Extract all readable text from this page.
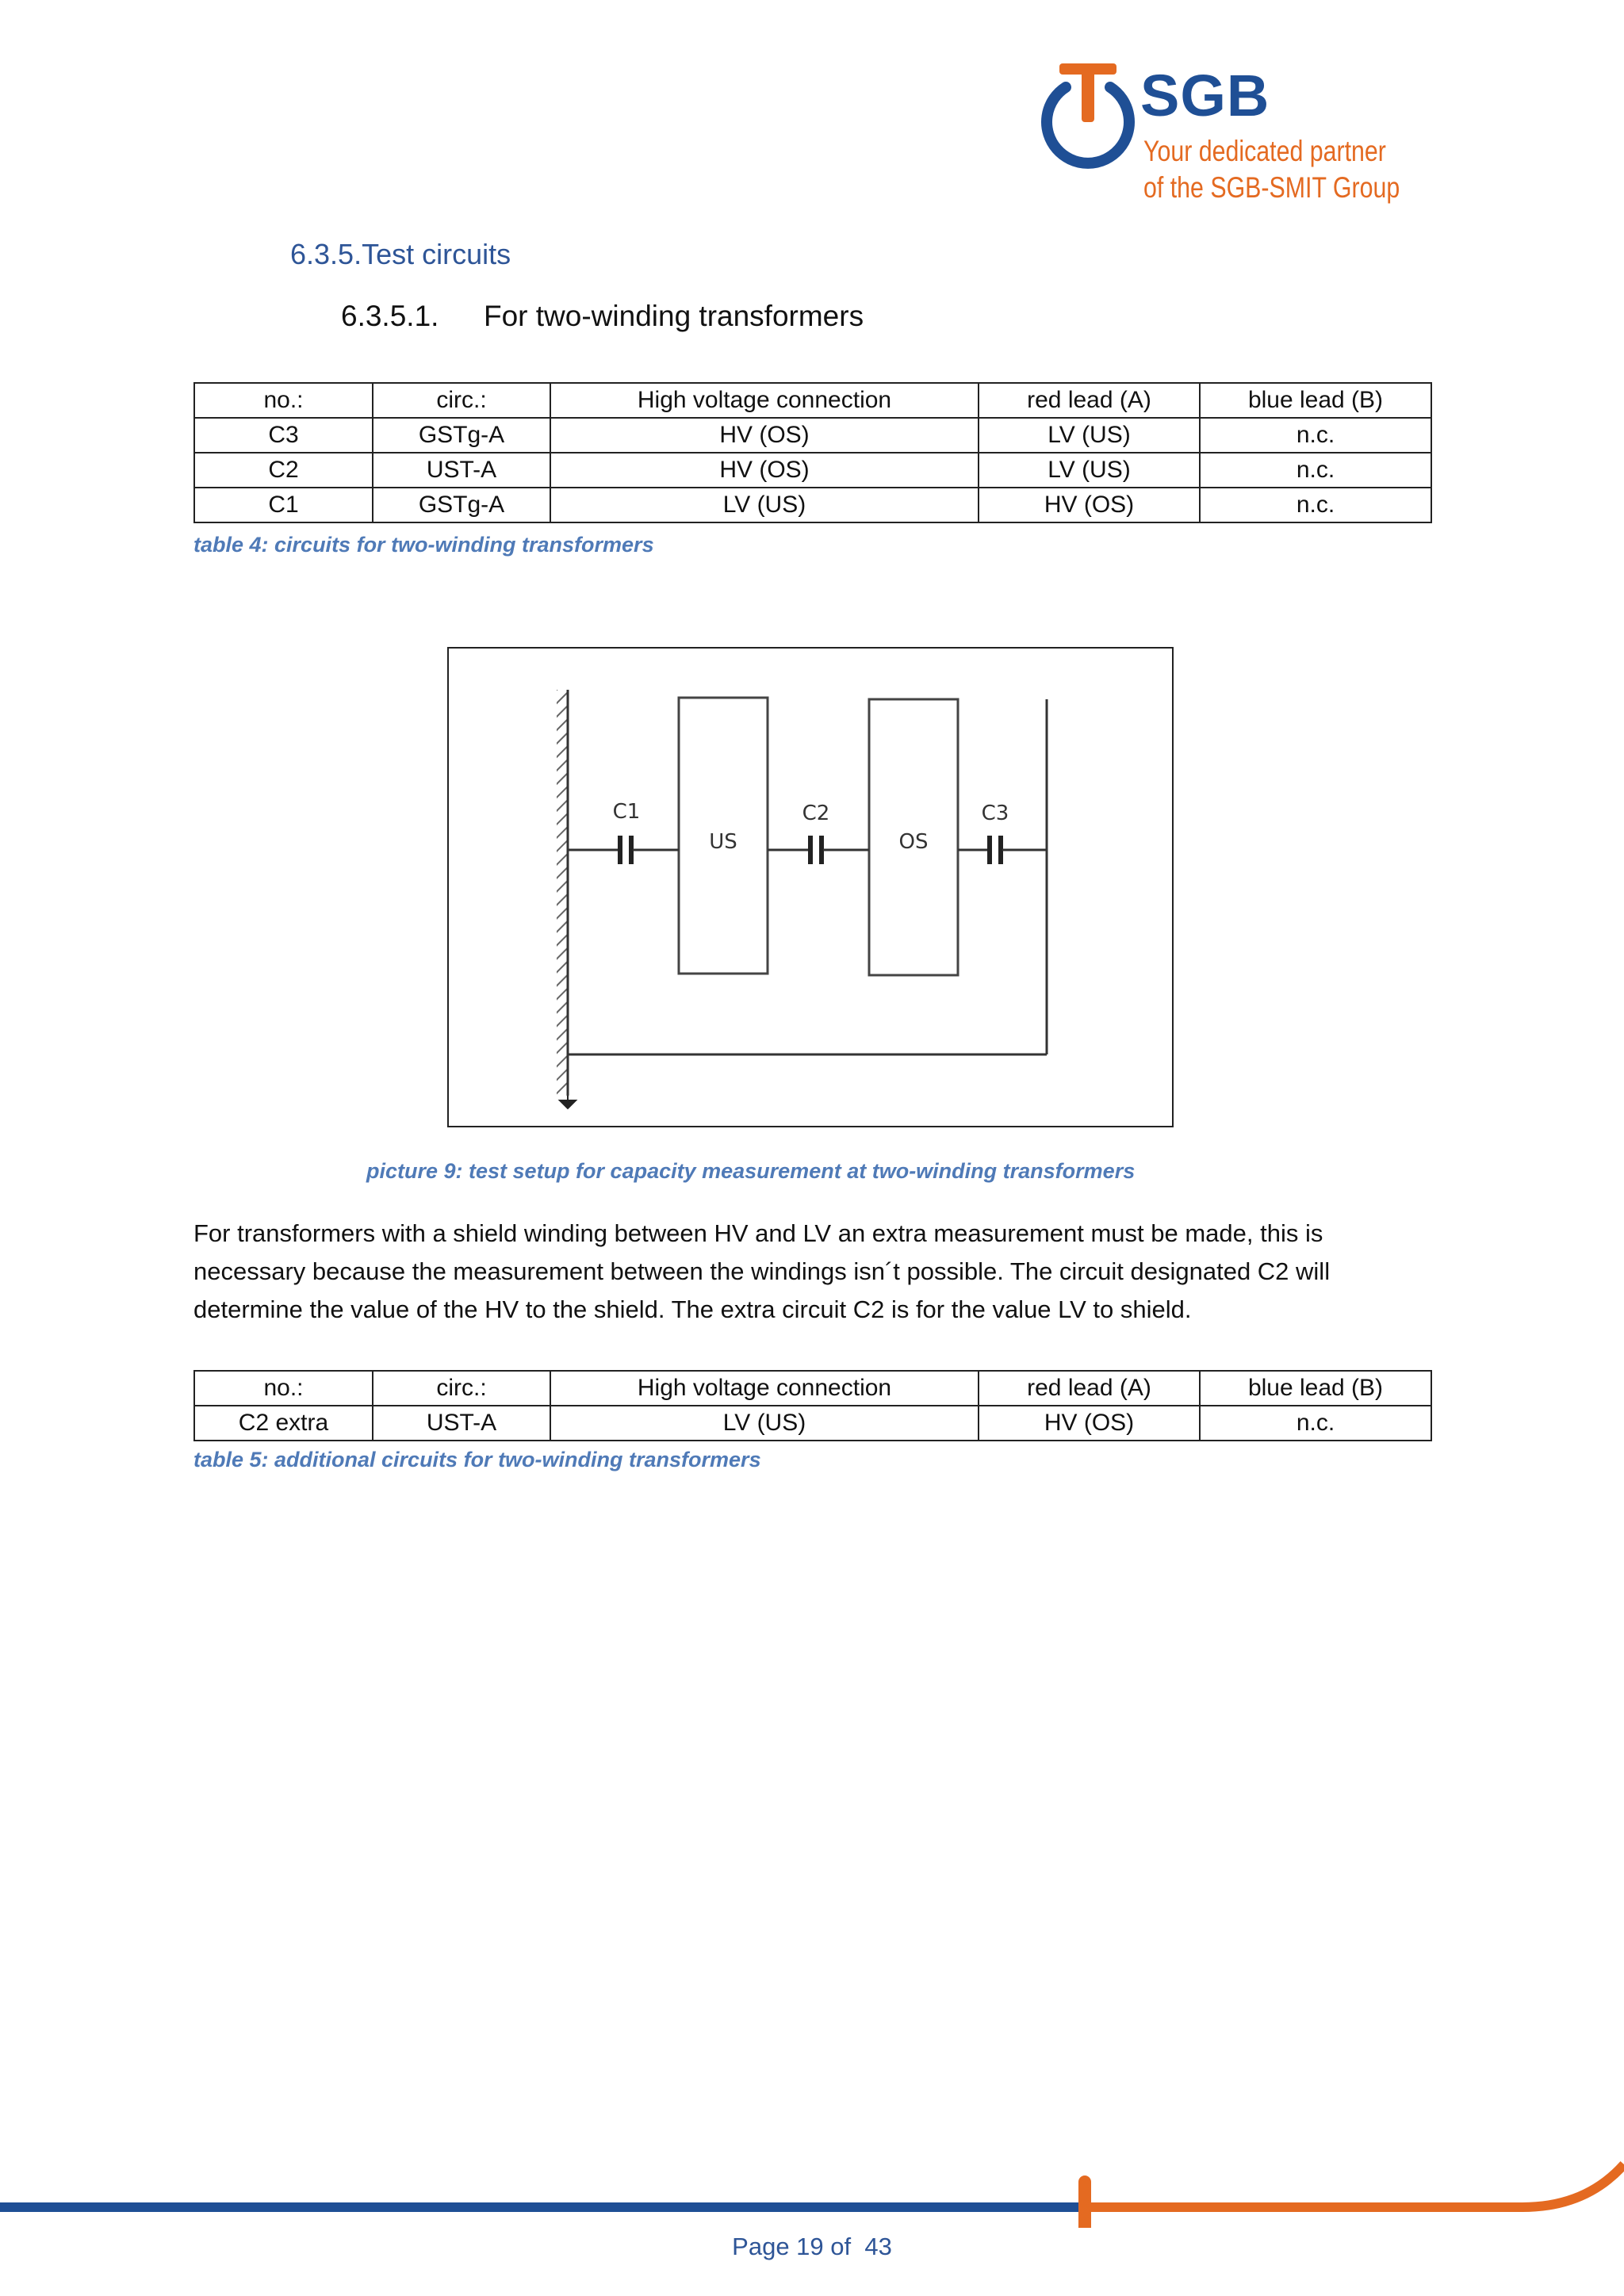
SGB
Your dedicated partner
of the SGB-SMIT Group
6.3.5.Test circuits
6.3.5.1. For two-winding transformers
no.:	circ.:	High voltage connection	red lead (A)	blue lead (B)
C3	GSTg-A	HV (OS)	LV (US)	n.c.
C2	UST-A	HV (OS)	LV (US)	n.c.
C1	GSTg-A	LV (US)	HV (OS)	n.c.
table 4: circuits for two-winding transformers
US	OS
C1	C2	C3
picture 9: test setup for capacity measurement at two-winding transformers

For transformers with a shield winding between HV and LV an extra measurement must be made, this is necessary because the measurement between the windings isn´t possible. The circuit designated C2 will determine the value of the HV to the shield. The extra circuit C2 is for the value LV to shield.

no.:	circ.:	High voltage connection	red lead (A)	blue lead (B)
C2 extra	UST-A	LV (US)	HV (OS)	n.c.
table 5: additional circuits for two-winding transformers
Page 19 of  43
